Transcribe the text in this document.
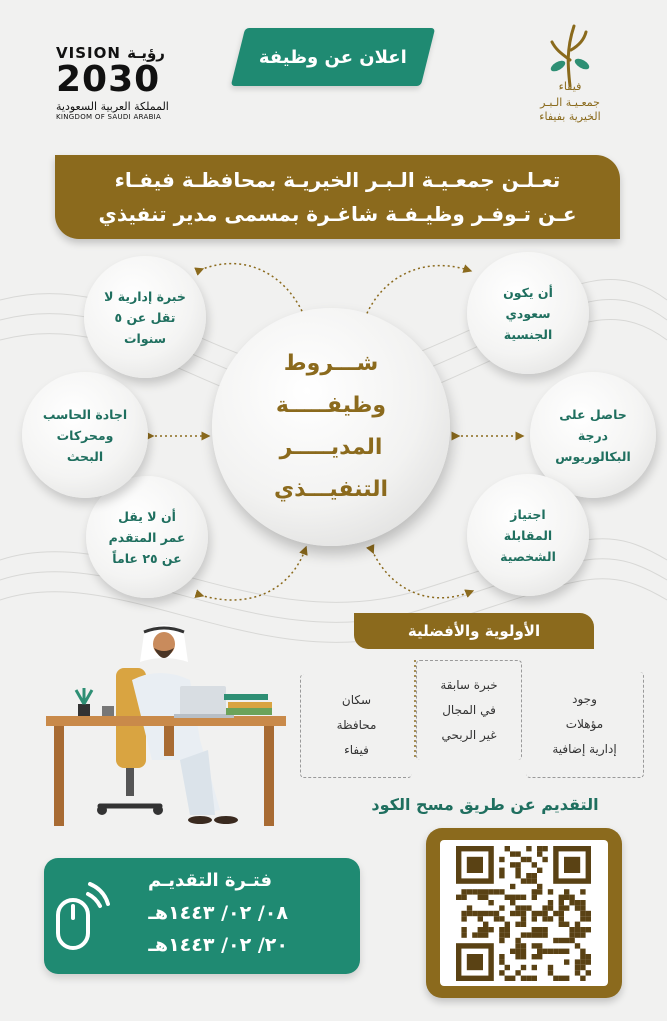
VISION رؤيـة
2030
المملكة العربية السعودية
KINGDOM OF SAUDI ARABIA
اعلان عن وظيفة
فيفاء
جمعـيـة الـبـر
الخيرية بفيفاء
تعـلـن جمعـيـة الـبـر الخيريـة بمحافظـة فيفـاء
عـن تـوفـر وظيـفـة شاغـرة بمسمى مدير تنفيذي
أن يكون
سعودي
الجنسية
حاصل على
درجة
البكالوريوس
اجتياز
المقابلة
الشخصية
أن لا يقل
عمر المتقدم
عن ٢٥ عاماً
اجادة الحاسب
ومحركات
البحث
خبرة إدارية لا
تقل عن ٥
سنوات
شـــروط
وظيفـــــة
المديـــــر
التنفيـــذي
الأولوية والأفضلية
وجود
مؤهلات
إدارية إضافية
خبرة سابقة
في المجال
غير الربحي
سكان
محافظة
فيفاء
التقديم عن طريق مسح الكود
فتـرة التقديـم
٠٨/ ٠٢/ ١٤٤٣هـ
٢٠/ ٠٢/ ١٤٤٣هـ
